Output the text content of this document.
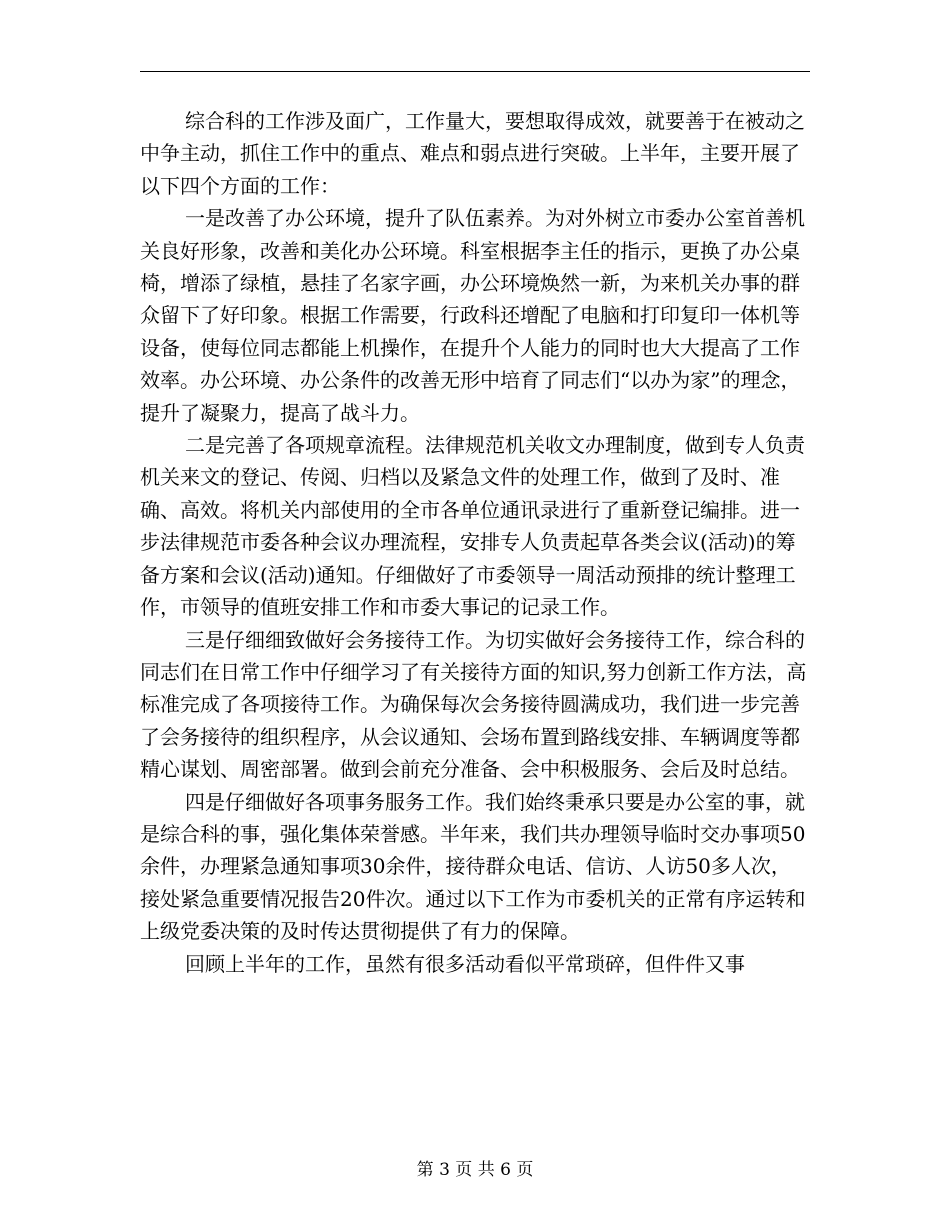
综合科的工作涉及面广，工作量大，要想取得成效，就要善于在被动之中争主动，抓住工作中的重点、难点和弱点进行突破。上半年，主要开展了以下四个方面的工作：

一是改善了办公环境，提升了队伍素养。为对外树立市委办公室首善机关良好形象，改善和美化办公环境。科室根据李主任的指示，更换了办公桌椅，增添了绿植，悬挂了名家字画，办公环境焕然一新，为来机关办事的群众留下了好印象。根据工作需要，行政科还增配了电脑和打印复印一体机等设备，使每位同志都能上机操作，在提升个人能力的同时也大大提高了工作效率。办公环境、办公条件的改善无形中培育了同志们“以办为家”的理念，提升了凝聚力，提高了战斗力。

二是完善了各项规章流程。法律规范机关收文办理制度，做到专人负责机关来文的登记、传阅、归档以及紧急文件的处理工作，做到了及时、准确、高效。将机关内部使用的全市各单位通讯录进行了重新登记编排。进一步法律规范市委各种会议办理流程，安排专人负责起草各类会议(活动)的筹备方案和会议(活动)通知。仔细做好了市委领导一周活动预排的统计整理工作，市领导的值班安排工作和市委大事记的记录工作。

三是仔细细致做好会务接待工作。为切实做好会务接待工作，综合科的同志们在日常工作中仔细学习了有关接待方面的知识,努力创新工作方法，高标准完成了各项接待工作。为确保每次会务接待圆满成功，我们进一步完善了会务接待的组织程序，从会议通知、会场布置到路线安排、车辆调度等都精心谋划、周密部署。做到会前充分准备、会中积极服务、会后及时总结。

四是仔细做好各项事务服务工作。我们始终秉承只要是办公室的事，就是综合科的事，强化集体荣誉感。半年来，我们共办理领导临时交办事项50余件，办理紧急通知事项30余件，接待群众电话、信访、人访50多人次，接处紧急重要情况报告20件次。通过以下工作为市委机关的正常有序运转和上级党委决策的及时传达贯彻提供了有力的保障。

回顾上半年的工作，虽然有很多活动看似平常琐碎，但件件又事

第 3 页 共 6 页
